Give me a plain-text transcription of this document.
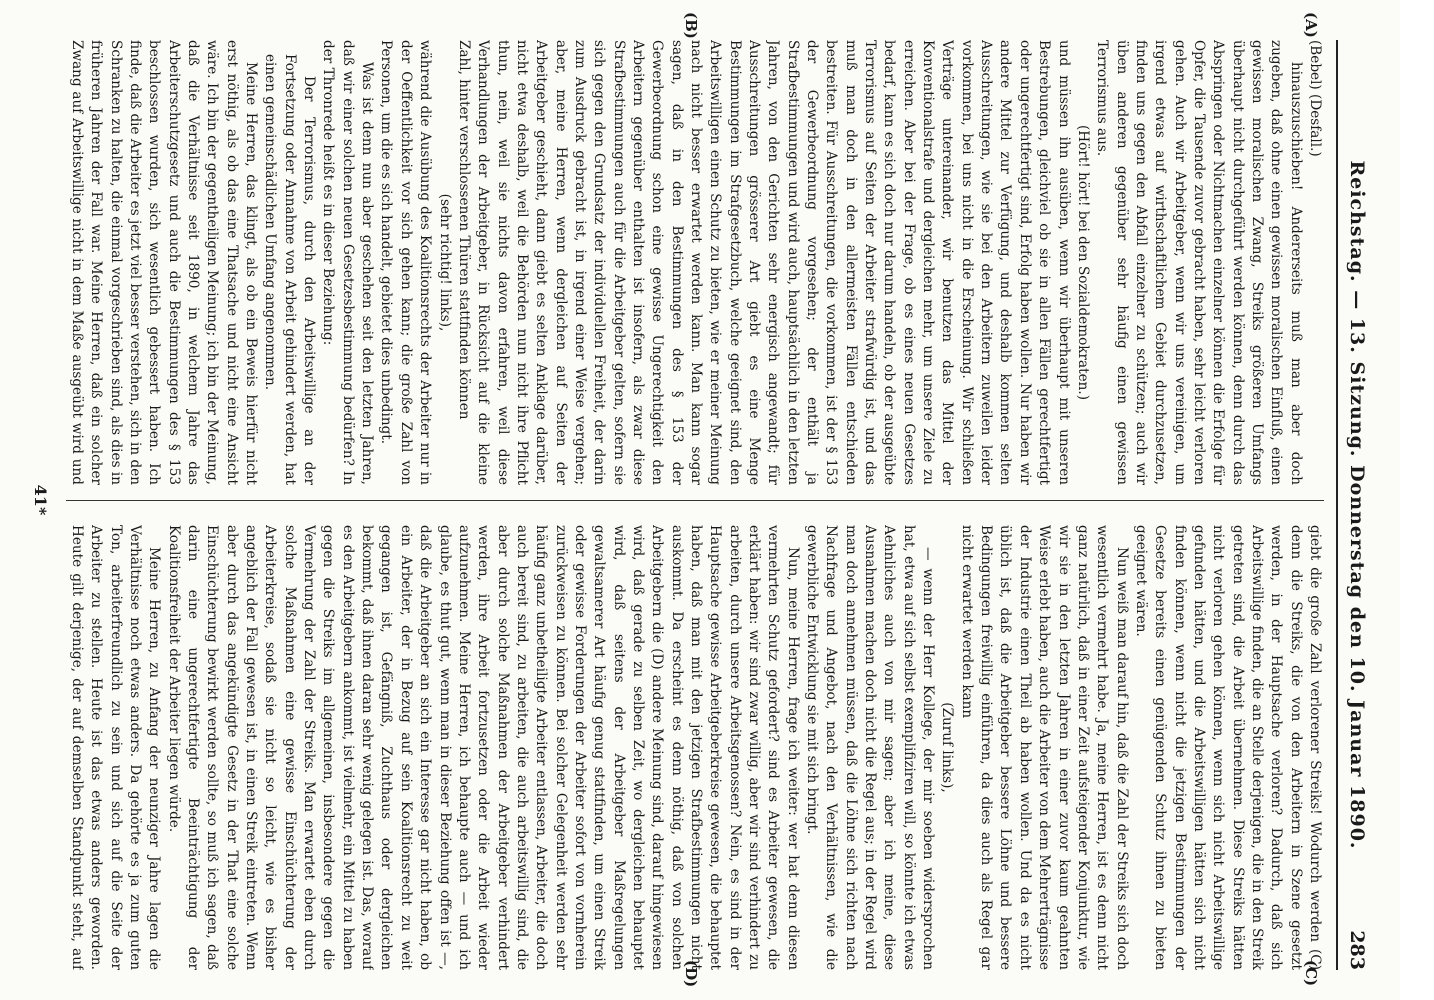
Reichstag. — 13. Sitzung. Donnerstag den 10. Januar 1890.
283
(A)
(B)
(C)
(D)

(Bebel) (Desfall.)

hinauszuschieben! Andererseits muß man aber doch zugeben, daß ohne einen gewissen moralischen Einfluß, einen gewissen moralischen Zwang, Streiks größeren Umfangs überhaupt nicht durchgeführt werden können, denn durch das Abspringen oder Nichtmachen einzelner können die Erfolge für Opfer, die Tausende zuvor gebracht haben, sehr leicht verloren gehen. Auch wir Arbeitgeber, wenn wir uns vereinigen, um irgend etwas auf wirthschaftlichem Gebiet durchzusetzen, finden uns gegen den Abfall einzelner zu schützen; auch wir üben anderen gegenüber sehr häufig einen gewissen Terrorismus aus.

(Hört! hört! bei den Sozialdemokraten.)

und müssen ihn ausüben, wenn wir überhaupt mit unseren Bestrebungen, gleichviel ob sie in allen Fällen gerechtfertigt oder ungerechtfertigt sind, Erfolg haben wollen. Nur haben wir andere Mittel zur Verfügung, und deshalb kommen selten Ausschreitungen, wie sie bei den Arbeitern zuweilen leider vorkommen, bei uns nicht in die Erscheinung. Wir schließen Verträge untereinander, wir benutzen das Mittel der Konventionalstrafe und dergleichen mehr, um unsere Ziele zu erreichen. Aber bei der Frage, ob es eines neuen Gesetzes bedarf, kann es sich doch nur darum handeln, ob der ausgeübte Terrorismus auf Seiten der Arbeiter strafwürdig ist, und das muß man doch in den allermeisten Fällen entschieden bestreiten. Für Ausschreitungen, die vorkommen, ist der § 153 der Gewerbeordnung vorgesehen; der enthält ja Strafbestimmungen und wird auch, hauptsächlich in den letzten Jahren, von den Gerichten sehr energisch angewandt; für Ausschreitungen grösserer Art giebt es eine Menge Bestimmungen im Strafgesetzbuch, welche geeignet sind, den Arbeitswilligen einen Schutz zu bieten, wie er meiner Meinung nach nicht besser erwartet werden kann. Man kann sogar sagen, daß in den Bestimmungen des § 153 der Gewerbeordnung schon eine gewisse Ungerechtigkeit den Arbeitern gegenüber enthalten ist insofern, als zwar diese Strafbestimmungen auch für die Arbeitgeber gelten, sofern sie sich gegen den Grundsatz der individuellen Freiheit, der darin zum Ausdruck gebracht ist, in irgend einer Weise vergehen; aber, meine Herren, wenn dergleichen auf Seiten der Arbeitgeber geschieht, dann giebt es selten Anklage darüber, nicht etwa deshalb, weil die Behörden nun nicht ihre Pflicht thun, nein, weil sie nichts davon erfahren, weil diese Verhandlungen der Arbeitgeber, in Rücksicht auf die kleine Zahl, hinter verschlossenen Thüren stattfinden können

(sehr richtig! links),

während die Ausübung des Koalitionsrechts der Arbeiter nur in der Oeffentlichkeit vor sich gehen kann; die große Zahl von Personen, um die es sich handelt, gebietet dies unbedingt.

Was ist denn nun aber geschehen seit den letzten Jahren, daß wir einer solchen neuen Gesetzesbestimmung bedürfen? In der Thronrede heißt es in dieser Beziehung:

Der Terrorismus, durch den Arbeitswillige an der Fortsetzung oder Annahme von Arbeit gehindert werden, hat einen gemeinschädlichen Umfang angenommen.

Meine Herren, das klingt, als ob ein Beweis hierfür nicht erst nöthig, als ob das eine Thatsache und nicht eine Ansicht wäre. Ich bin der gegentheiligen Meinung; ich bin der Meinung, daß die Verhältnisse seit 1890, in welchem Jahre das Arbeiterschutzgesetz und auch die Bestimmungen des § 153 beschlossen wurden, sich wesentlich gebessert haben. Ich finde, daß die Arbeiter es jetzt viel besser verstehen, sich in den Schranken zu halten, die einmal vorgeschrieben sind, als dies in früheren Jahren der Fall war. Meine Herren, daß ein solcher Zwang auf Arbeitswillige nicht in dem Maße ausgeübt wird und

giebt die große Zahl verlorener Streiks! Wodurch werden (C) denn die Streiks, die von den Arbeitern in Szene gesetzt werden, in der Hauptsache verloren? Dadurch, daß sich Arbeitswillige finden, die an Stelle derjenigen, die in den Streik getreten sind, die Arbeit übernehmen. Diese Streiks hätten nicht verloren gehen können, wenn sich nicht Arbeitswillige gefunden hätten, und die Arbeitswilligen hätten sich nicht finden können, wenn nicht die jetzigen Bestimmungen der Gesetze bereits einen genügenden Schutz ihnen zu bieten geeignet wären.

Nun weiß man darauf hin, daß die Zahl der Streiks sich doch wesentlich vermehrt habe. Ja, meine Herren, ist es denn nicht ganz natürlich, daß in einer Zeit aufsteigender Konjunktur, wie wir sie in den letzten Jahren in einer zuvor kaum geahnten Weise erlebt haben, auch die Arbeiter von dem Mehrerträgnisse der Industrie einen Theil ab haben wollen. Und da es nicht üblich ist, daß die Arbeitgeber bessere Löhne und bessere Bedingungen freiwillig einführen, da dies auch als Regel gar nicht erwartet werden kann

(Zuruf links),

— wenn der Herr Kollege, der mir soeben widersprochen hat, etwa auf sich selbst exemplifiziren will, so könnte ich etwas Aehnliches auch von mir sagen; aber ich meine, diese Ausnahmen machen doch nicht die Regel aus; in der Regel wird man doch annehmen müssen, daß die Löhne sich richten nach Nachfrage und Angebot, nach den Verhältnissen, wie die gewerbliche Entwicklung sie mit sich bringt.

Nun, meine Herren, frage ich weiter: wer hat denn diesen vermehrten Schutz gefordert? sind es Arbeiter gewesen, die erklärt haben: wir sind zwar willig, aber wir sind verhindert zu arbeiten, durch unsere Arbeitsgenossen? Nein, es sind in der Hauptsache gewisse Arbeitgeberkreise gewesen, die behauptet haben, daß man mit den jetzigen Strafbestimmungen nicht auskommt. Da erscheint es denn nöthig, daß von solchen Arbeitgebern die (D) andere Meinung sind, darauf hingewiesen wird, daß gerade zu selben Zeit, wo dergleichen behauptet wird, daß seitens der Arbeitgeber Maßregelungen gewaltsamerer Art häufig genug stattfinden, um einen Streik oder gewisse Forderungen der Arbeiter sofort von vornherein zurückweisen zu können. Bei solcher Gelegenheit werden sehr häufig ganz unbetheiligte Arbeiter entlassen, Arbeiter, die doch auch bereit sind, zu arbeiten, die auch arbeitswillig sind, die aber durch solche Maßnahmen der Arbeitgeber verhindert werden, ihre Arbeit fortzusetzen oder die Arbeit wieder aufzunehmen. Meine Herren, ich behaupte auch — und ich glaube, es thut gut, wenn man in dieser Beziehung offen ist —, daß die Arbeitgeber an sich ein Interesse gar nicht haben, ob ein Arbeiter, der in Bezug auf sein Koalitionsrecht zu weit gegangen ist, Gefängniß, Zuchthaus oder dergleichen bekommt, daß ihnen daran sehr wenig gelegen ist. Das, worauf es den Arbeitgebern ankommt, ist vielmehr, ein Mittel zu haben gegen die Streiks im allgemeinen, insbesondere gegen die Vermehrung der Zahl der Streiks. Man erwartet eben durch solche Maßnahmen eine gewisse Einschüchterung der Arbeiterkreise, sodaß sie nicht so leicht, wie es bisher angeblich der Fall gewesen ist, in einen Streik eintreten. Wenn aber durch das angekündigte Gesetz in der That eine solche Einschüchterung bewirkt werden sollte, so muß ich sagen, daß darin eine ungerechtfertigte Beeinträchtigung der Koalitionsfreiheit der Arbeiter liegen würde.

Meine Herren, zu Anfang der neunziger Jahre lagen die Verhältnisse noch etwas anders. Da gehörte es ja zum guten Ton, arbeiterfreundlich zu sein und sich auf die Seite der Arbeiter zu stellen. Heute ist das etwas anders geworden. Heute gilt derjenige, der auf demselben Standpunkt steht, auf

41*
